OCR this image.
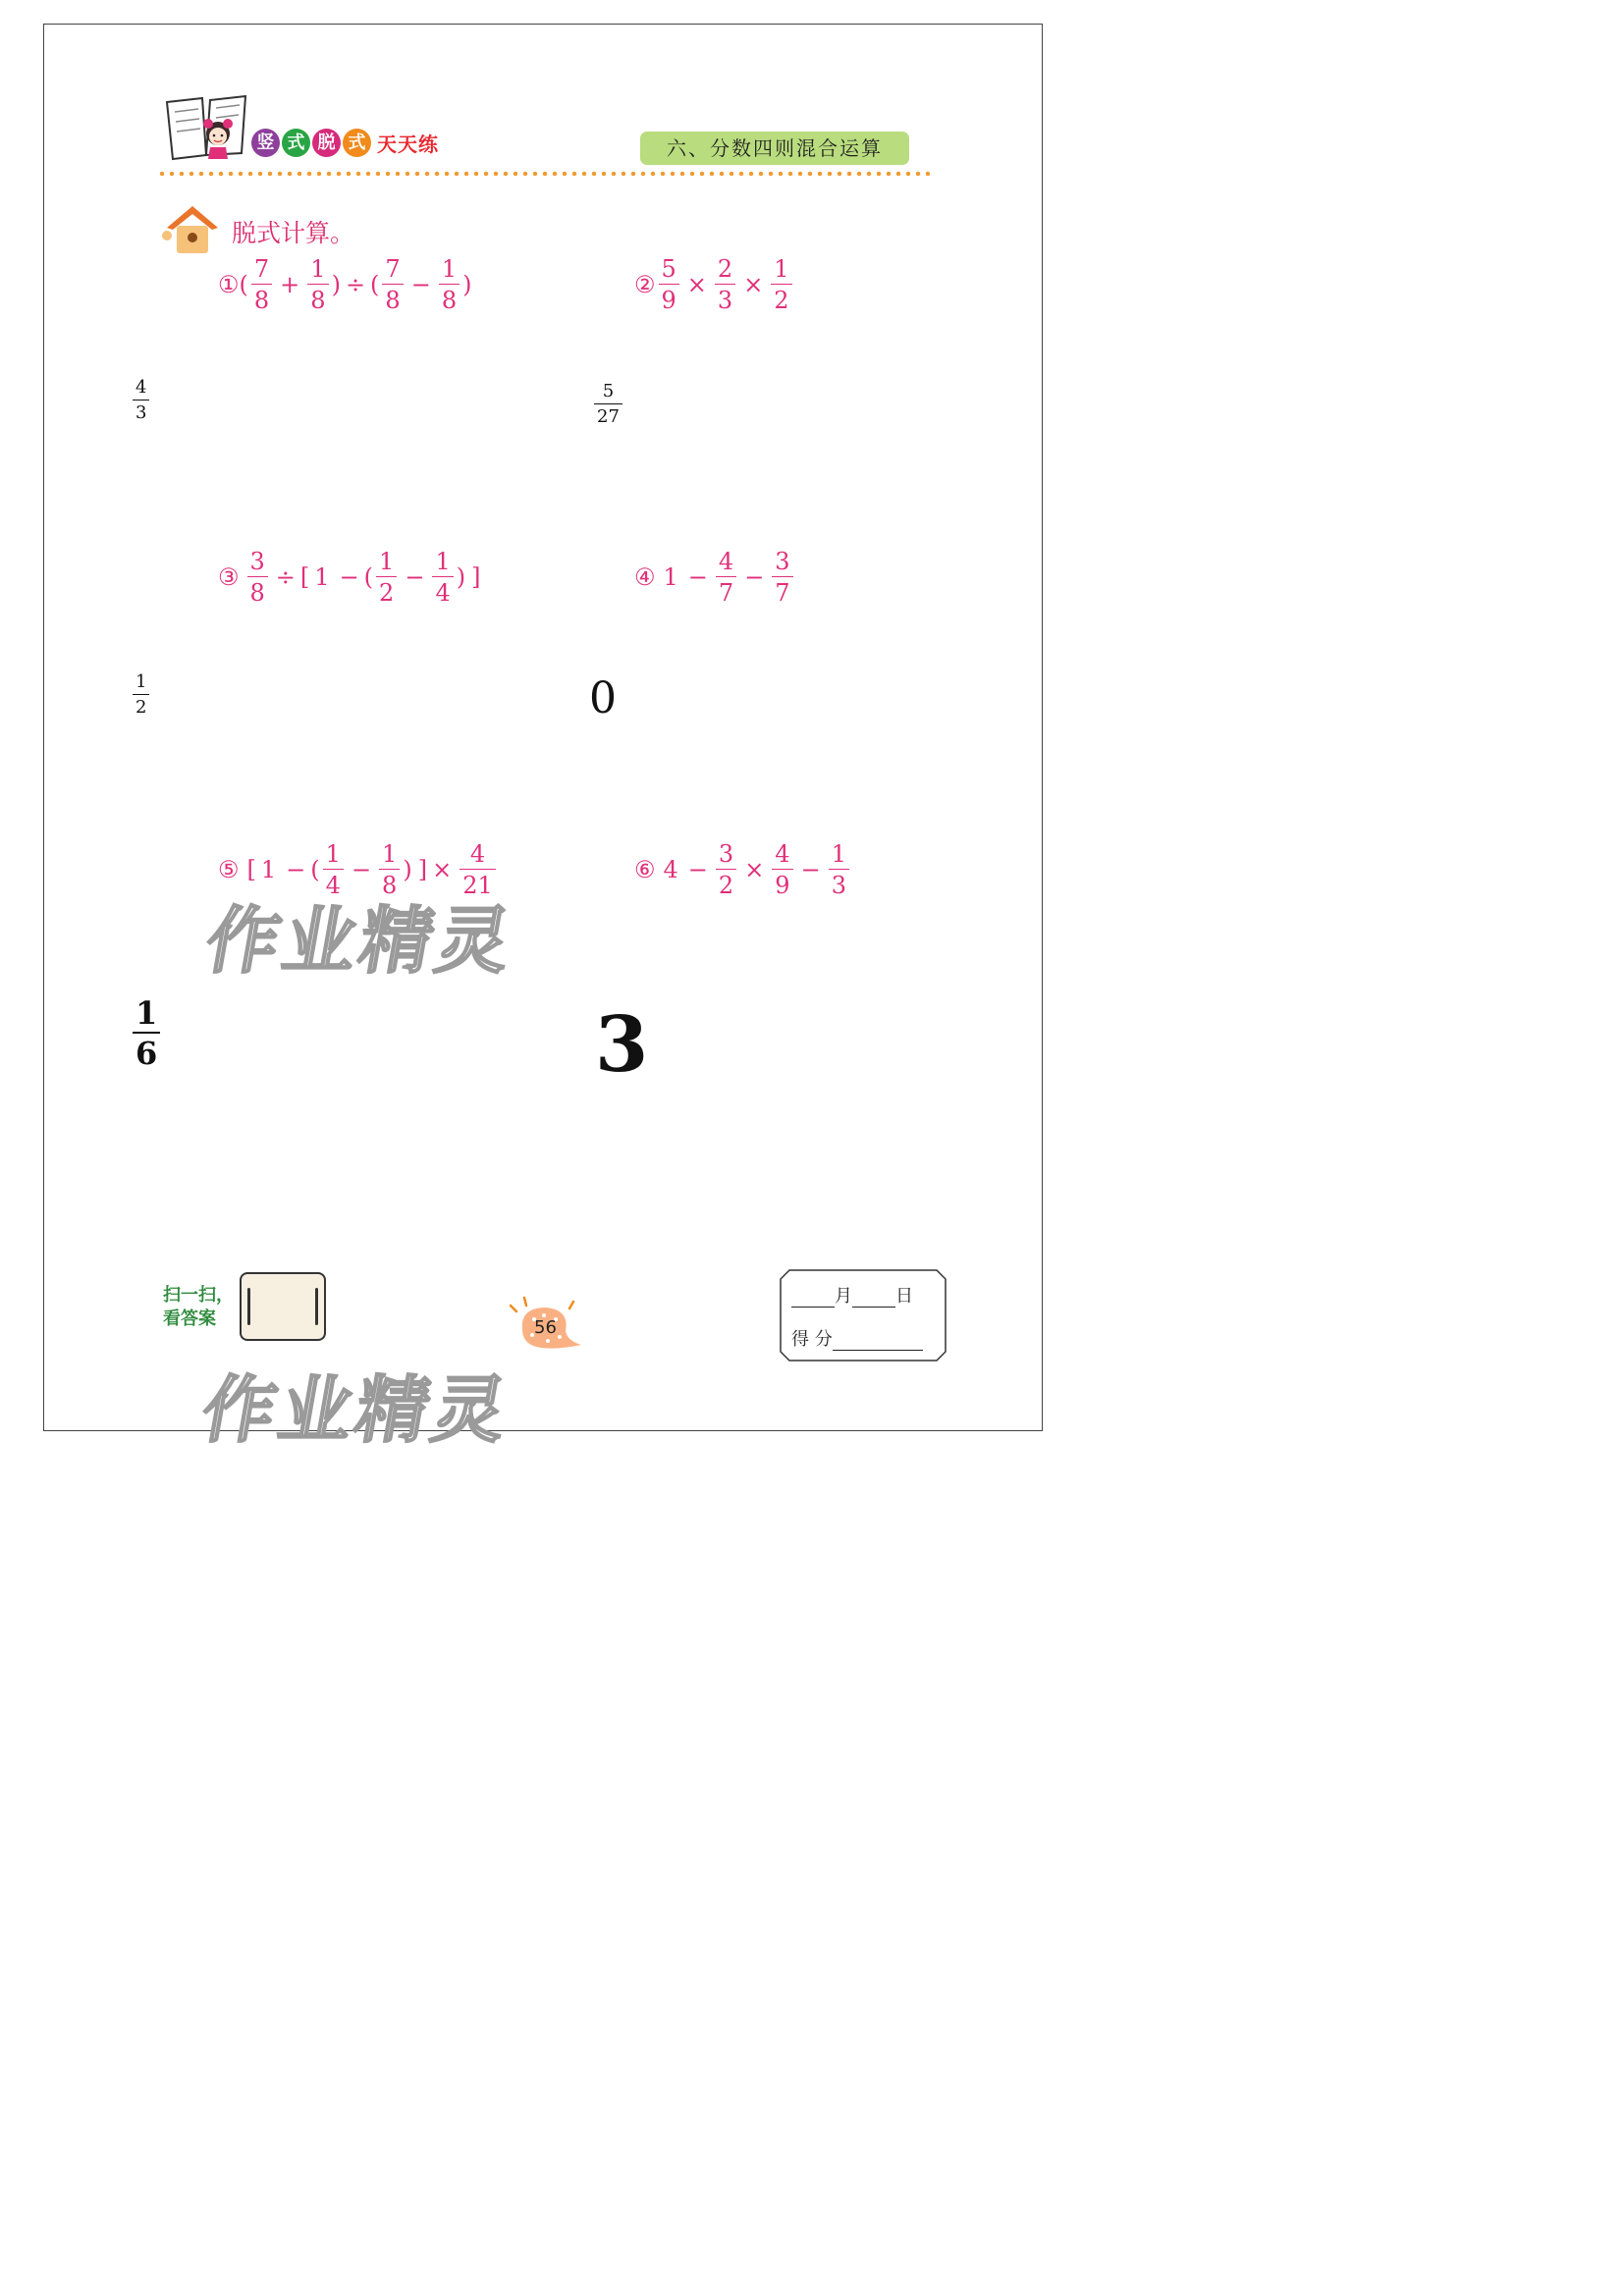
竖 式 脱 式 天天练	六、分数四则混合运算
脱式计算。
① ( $\frac{7}{8} + \frac{1}{8}$ ) ÷ ( $\frac{7}{8} - \frac{1}{8}$ )	② $\frac{5}{9} \times \frac{2}{3} \times \frac{1}{2}$
$\frac{4}{3}$	$\frac{5}{27}$
③ $\frac{3}{8}$ ÷ [ 1 − ( $\frac{1}{2} - \frac{1}{4}$ ) ]	④ $1 - \frac{4}{7} - \frac{3}{7}$
$\frac{1}{2}$	0
⑤ [ 1 − ( $\frac{1}{4} - \frac{1}{8}$ ) ] × $\frac{4}{21}$	⑥ $4 - \frac{3}{2} \times \frac{4}{9} - \frac{1}{3}$
作业精灵
$\frac{1}{6}$	3
扫一扫，
看答案	56
月 日
得 分
作业精灵
